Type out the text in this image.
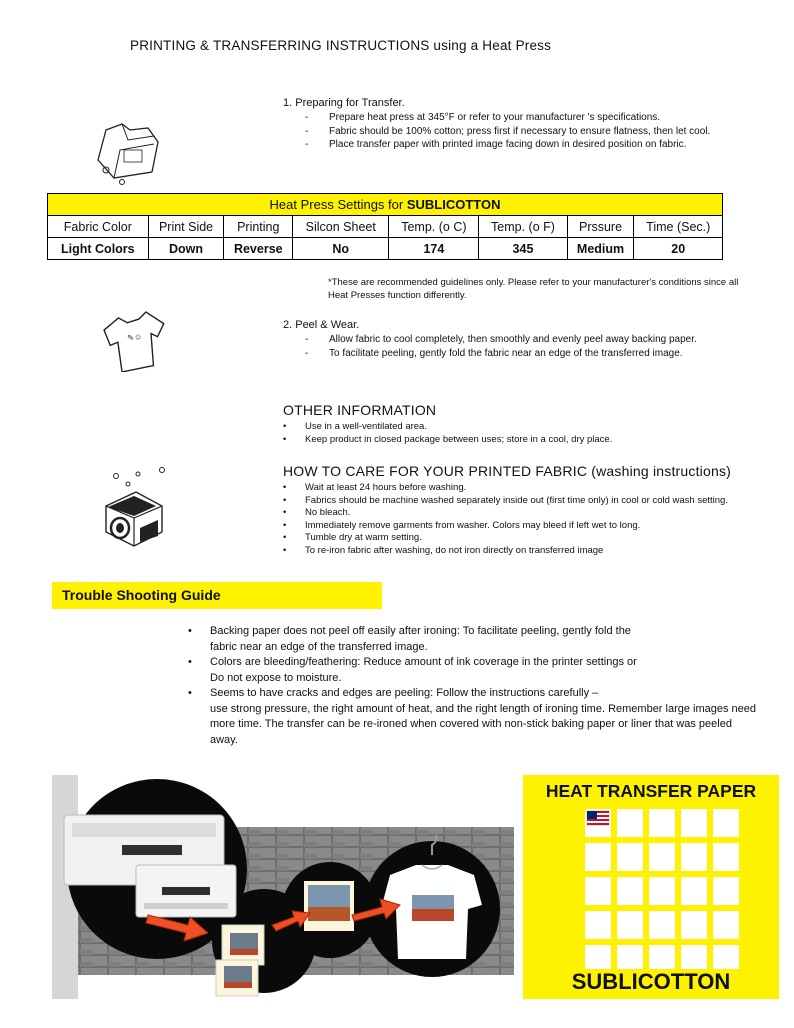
PRINTING & TRANSFERRING INSTRUCTIONS using a Heat Press
1. Preparing for Transfer.
- Prepare heat press at 345°F or refer to your manufacturer 's specifications.
- Fabric should be 100% cotton; press first if necessary to ensure flatness, then let cool.
- Place transfer paper with printed image facing down in desired position on fabric.
Heat Press Settings for SUBLICOTTON							
Fabric Color	Print Side	Printing	Silcon Sheet	Temp. (o C)	Temp. (o F)	Prssure	Time (Sec.)
Light Colors	Down	Reverse	No	174	345	Medium	20
*These are recommended guidelines only. Please refer to your manufacturer's conditions since all Heat Presses function differently.
✎☺
2. Peel & Wear.
- Allow fabric to cool completely, then smoothly and evenly peel away backing paper.
- To facilitate peeling, gently fold the fabric near an edge of the transferred image.
OTHER INFORMATION
• Use in a well-ventilated area.
• Keep product in closed package between uses; store in a cool, dry place.
HOW TO CARE FOR YOUR PRINTED FABRIC (washing instructions)
• Wait at least 24 hours before washing.
• Fabrics should be machine washed separately inside out (first time only) in cool or cold wash setting.
• No bleach.
• Immediately remove garments from washer. Colors may bleed if left wet to long.
• Tumble dry at warm setting.
• To re-iron fabric after washing, do not iron directly on transferred image
Trouble Shooting Guide
• Backing paper does not peel off easily after ironing: To facilitate peeling, gently fold the
fabric near an edge of the transferred image.
• Colors are bleeding/feathering: Reduce amount of ink coverage in the printer settings or
Do not expose to moisture.
• Seems to have cracks and edges are peeling: Follow the instructions carefully –
use strong pressure, the right amount of heat, and the right length of ironing time. Remember large images need more time. The transfer can be re-ironed when covered with non-stick baking paper or liner that was peeled away.
HEAT TRANSFER PAPER
SUBLICOTTON
